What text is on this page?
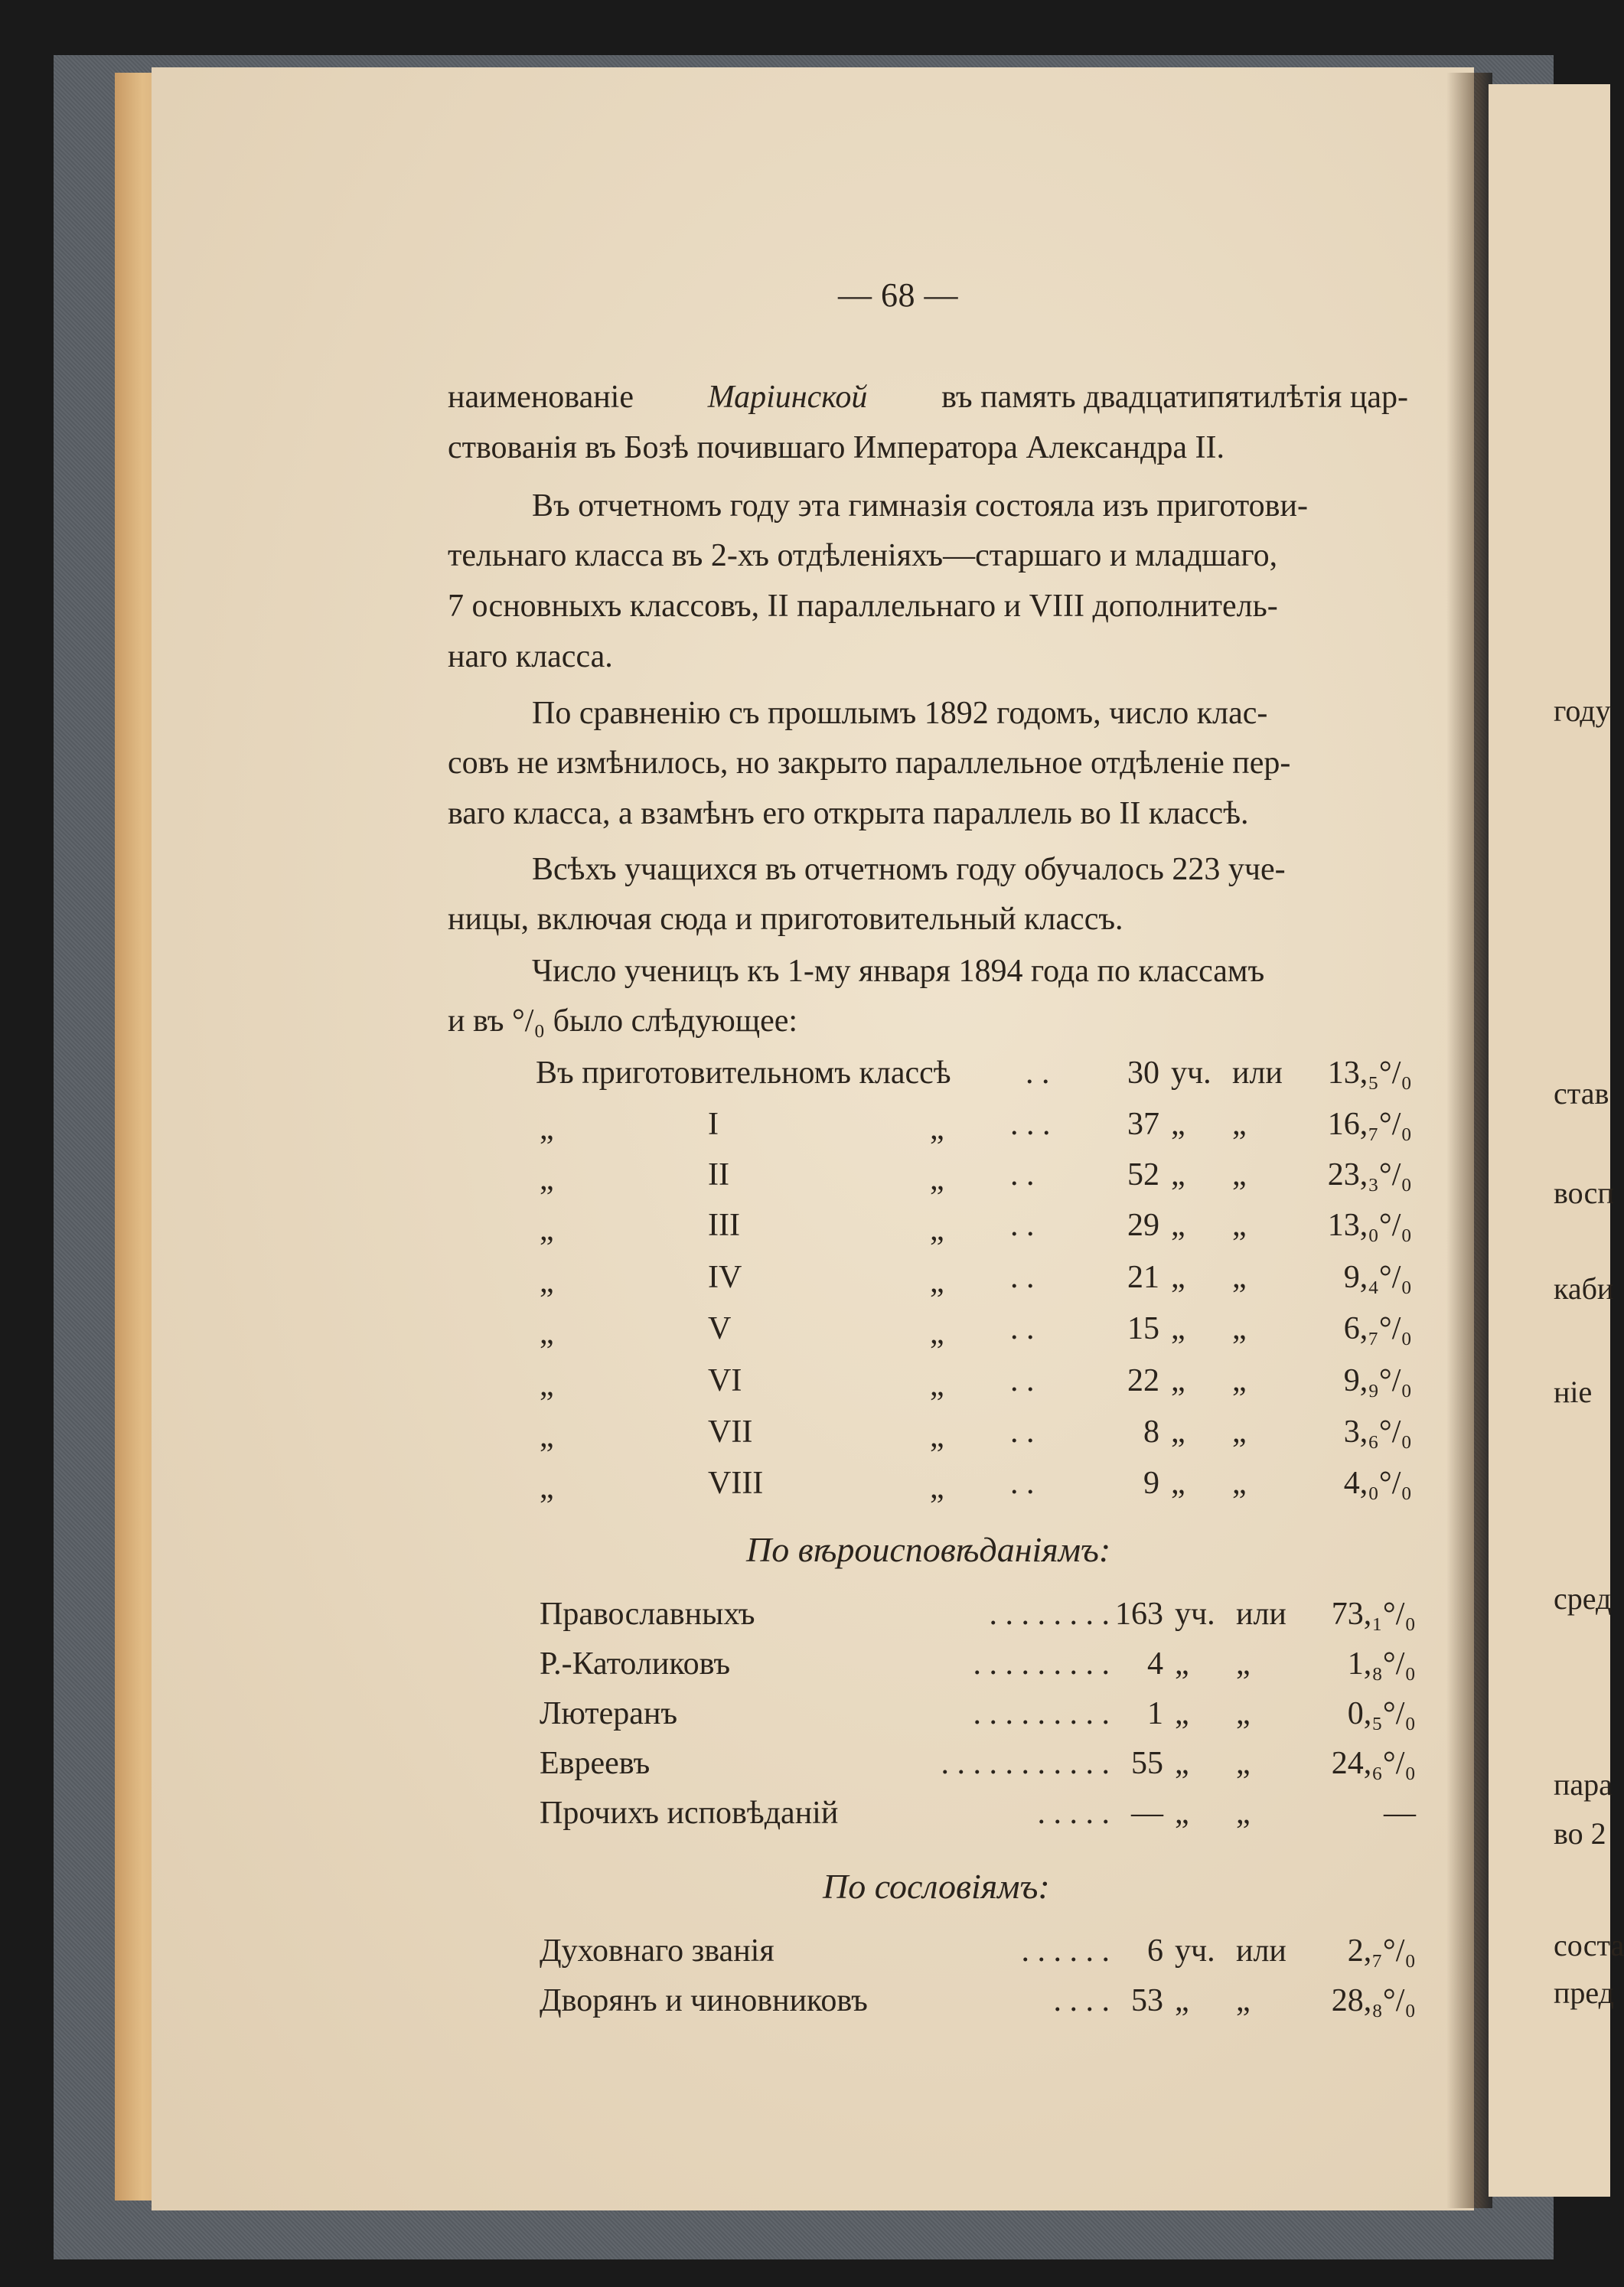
— 68 —
наименованіе Маріинской въ память двадцатипятилѣтія цар-
ствованія въ Бозѣ почившаго Императора Александра II.
Въ отчетномъ году эта гимназія состояла изъ приготови-
тельнаго класса въ 2-хъ отдѣленіяхъ—старшаго и младшаго,
7 основныхъ классовъ, II параллельнаго и VIII дополнитель-
наго класса.
По сравненію съ прошлымъ 1892 годомъ, число клас-
совъ не измѣнилось, но закрыто параллельное отдѣленіе пер-
ваго класса, а взамѣнъ его открыта параллель во II классѣ.
Всѣхъ учащихся въ отчетномъ году обучалось 223 уче-
ницы, включая сюда и приготовительный классъ.
Число ученицъ къ 1-му января 1894 года по классамъ
и въ °/₀ было слѣдующее:
Въ приготовительномъ классѣ . .	30 уч. или	13,₅°/₀
„	I	„ . . .	37 „ „	16,₇°/₀
„	II	„ . .	52 „ „	23,₃°/₀
„	III	„ . .	29 „ „	13,₀°/₀
„	IV	„ . .	21 „ „	9,₄°/₀
„	V	„ . .	15 „ „	6,₇°/₀
„	VI	„ . .	22 „ „	9,₉°/₀
„	VII	„ . .	8 „ „	3,₆°/₀
„	VIII	„ . .	9 „ „	4,₀°/₀
По вѣроисповѣданіямъ:
Православныхъ	. . . . . . . . 163 уч. или	73,₁°/₀
Р.-Католиковъ	. . . . . . . . .	4 „ „	1,₈°/₀
Лютеранъ	. . . . . . . . .	1 „ „	0,₅°/₀
Евреевъ	. . . . . . . . . . . 55 „ „	24,₆°/₀
Прочихъ исповѣданій	. . . . . — „ „	—
По сословіямъ:
Духовнаго званія	. . . . . .	6 уч. или	2,₇°/₀
Дворянъ и чиновниковъ	. . . . 53 „ „	28,₈°/₀
году
став
восп
каби
ніе
сред
пара
во 2
соста
пред
